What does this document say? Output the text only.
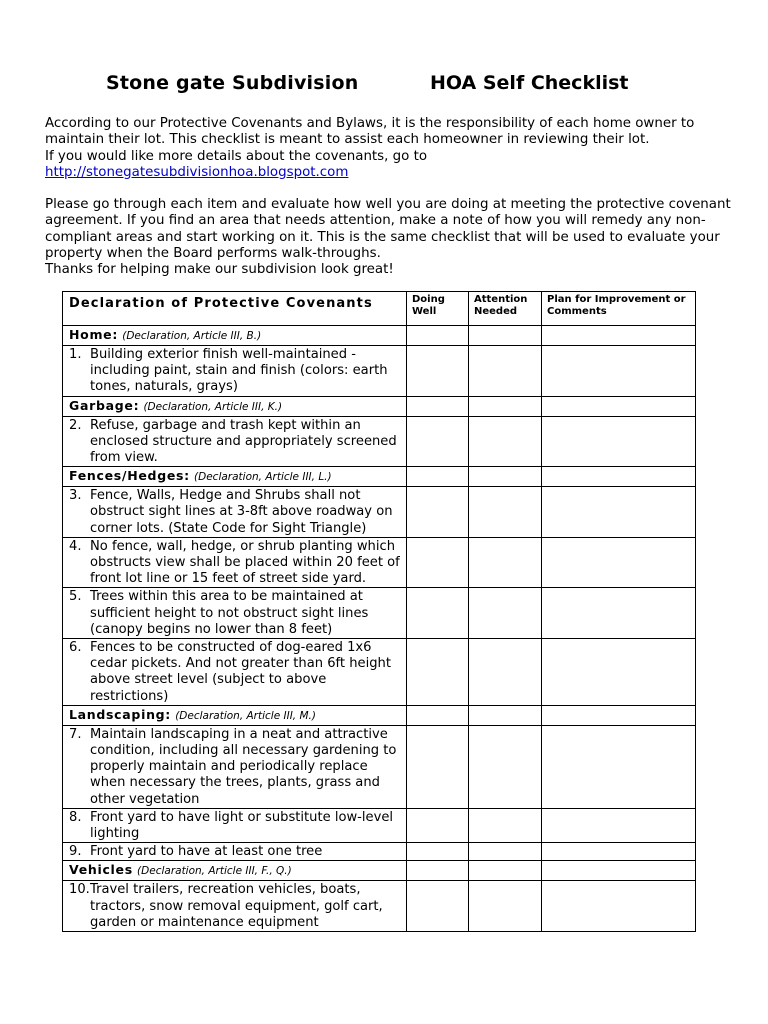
Stone gate Subdivision	HOA Self Checklist

According to our Protective Covenants and Bylaws, it is the responsibility of each home owner to maintain their lot. This checklist is meant to assist each homeowner in reviewing their lot.

If you would like more details about the covenants, go to

http://stonegatesubdivisionhoa.blogspot.com

Please go through each item and evaluate how well you are doing at meeting the protective covenant agreement. If you find an area that needs attention, make a note of how you will remedy any non-compliant areas and start working on it. This is the same checklist that will be used to evaluate your property when the Board performs walk-throughs.

Thanks for helping make our subdivision look great!

Declaration of Protective Covenants	Doing Well	Attention Needed	Plan for Improvement or Comments
Home: (Declaration, Article III, B.)			

1. Building exterior finish well-maintained - including paint, stain and finish (colors: earth tones, naturals, grays)			

Garbage: (Declaration, Article III, K.)			

2. Refuse, garbage and trash kept within an enclosed structure and appropriately screened from view.			

Fences/Hedges: (Declaration, Article III, L.)			

3. Fence, Walls, Hedge and Shrubs shall not obstruct sight lines at 3-8ft above roadway on corner lots. (State Code for Sight Triangle)			

4. No fence, wall, hedge, or shrub planting which obstructs view shall be placed within 20 feet of front lot line or 15 feet of street side yard.			

5. Trees within this area to be maintained at sufficient height to not obstruct sight lines (canopy begins no lower than 8 feet)			

6. Fences to be constructed of dog-eared 1x6 cedar pickets. And not greater than 6ft height above street level (subject to above restrictions)			

Landscaping: (Declaration, Article III, M.)			

7. Maintain landscaping in a neat and attractive condition, including all necessary gardening to properly maintain and periodically replace when necessary the trees, plants, grass and other vegetation			

8. Front yard to have light or substitute low-level lighting			

9. Front yard to have at least one tree			

Vehicles (Declaration, Article III, F., Q.)			

10. Travel trailers, recreation vehicles, boats, tractors, snow removal equipment, golf cart, garden or maintenance equipment			
